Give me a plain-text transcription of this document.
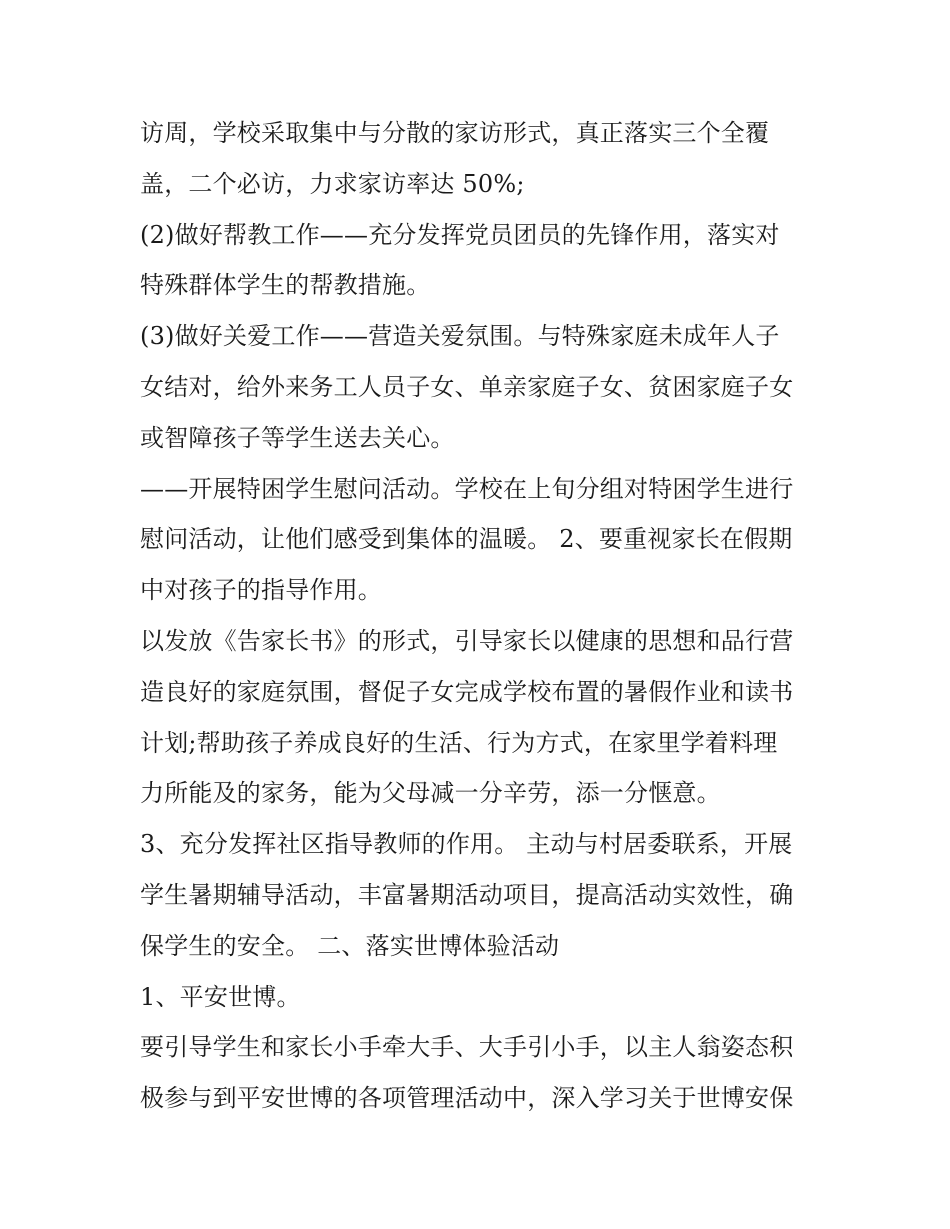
访周，学校采取集中与分散的家访形式，真正落实三个全覆
盖，二个必访，力求家访率达 50%;
(2)做好帮教工作——充分发挥党员团员的先锋作用，落实对
特殊群体学生的帮教措施。
(3)做好关爱工作——营造关爱氛围。与特殊家庭未成年人子
女结对，给外来务工人员子女、单亲家庭子女、贫困家庭子女
或智障孩子等学生送去关心。
——开展特困学生慰问活动。学校在上旬分组对特困学生进行
慰问活动，让他们感受到集体的温暖。 2、要重视家长在假期
中对孩子的指导作用。
以发放《告家长书》的形式，引导家长以健康的思想和品行营
造良好的家庭氛围，督促子女完成学校布置的暑假作业和读书
计划;帮助孩子养成良好的生活、行为方式，在家里学着料理
力所能及的家务，能为父母减一分辛劳，添一分惬意。
3、充分发挥社区指导教师的作用。 主动与村居委联系，开展
学生暑期辅导活动，丰富暑期活动项目，提高活动实效性，确
保学生的安全。 二、落实世博体验活动
1、平安世博。
要引导学生和家长小手牵大手、大手引小手，以主人翁姿态积
极参与到平安世博的各项管理活动中，深入学习关于世博安保
